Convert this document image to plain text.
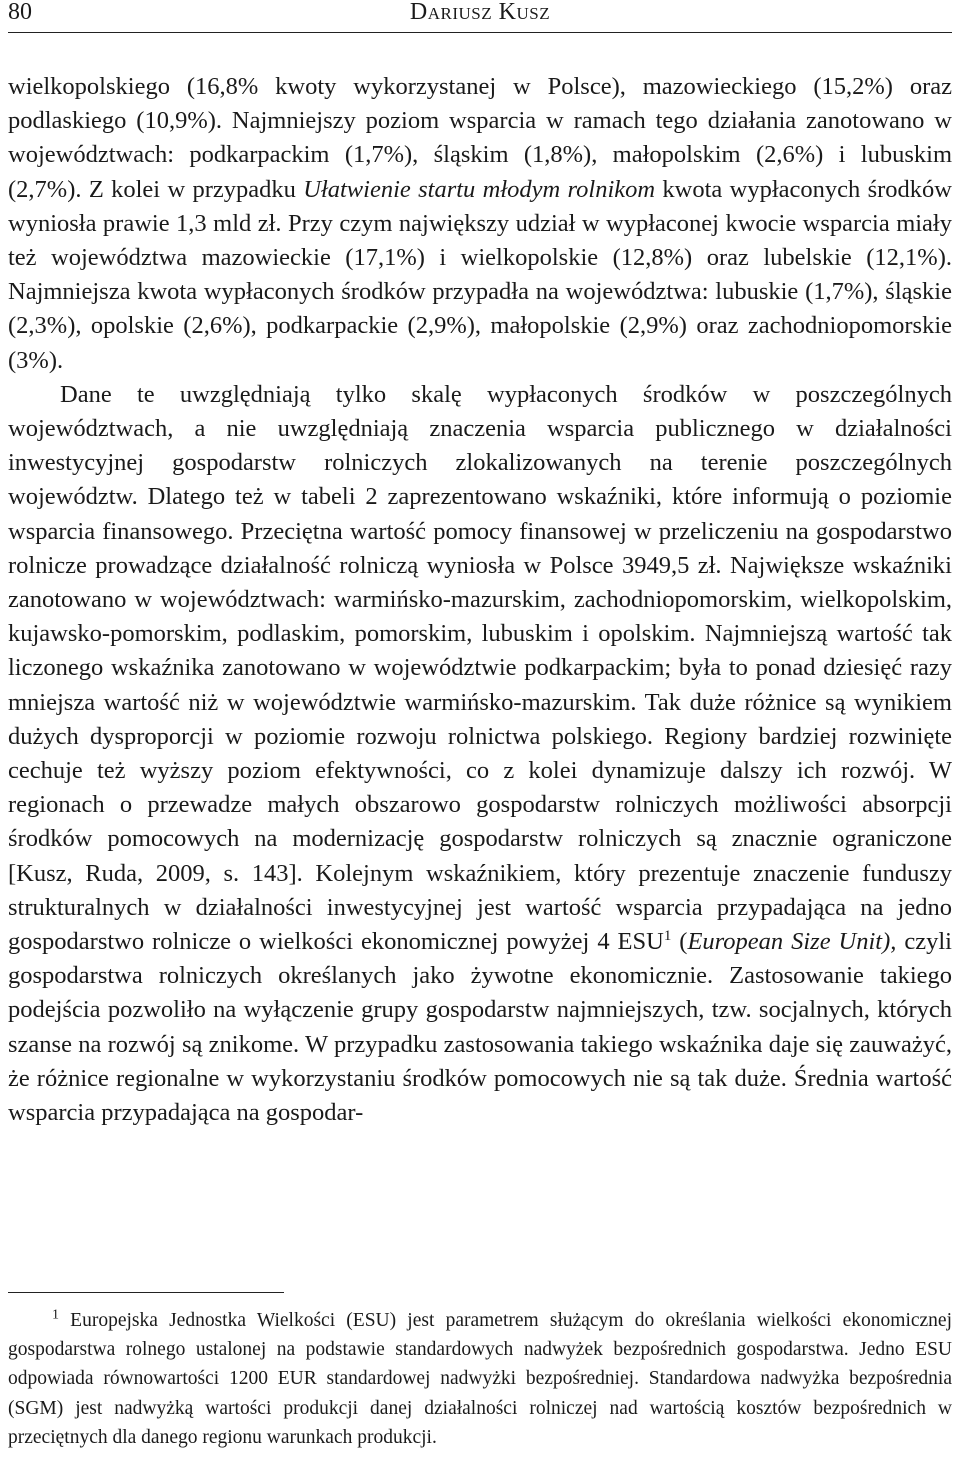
80	Dariusz Kusz

wielkopolskiego (16,8% kwoty wykorzystanej w Polsce), mazowieckiego (15,2%) oraz podlaskiego (10,9%). Najmniejszy poziom wsparcia w ramach tego działania zanotowano w województwach: podkarpackim (1,7%), śląskim (1,8%), małopolskim (2,6%) i lubuskim (2,7%). Z kolei w przypadku Ułatwienie startu młodym rolnikom kwota wypłaconych środków wyniosła prawie 1,3 mld zł. Przy czym największy udział w wypłaconej kwocie wsparcia miały też województwa mazowieckie (17,1%) i wielkopolskie (12,8%) oraz lubelskie (12,1%). Najmniejsza kwota wypłaconych środków przypadła na województwa: lubuskie (1,7%), śląskie (2,3%), opolskie (2,6%), podkarpackie (2,9%), małopolskie (2,9%) oraz zachodniopomorskie (3%).

Dane te uwzględniają tylko skalę wypłaconych środków w poszczególnych województwach, a nie uwzględniają znaczenia wsparcia publicznego w działalności inwestycyjnej gospodarstw rolniczych zlokalizowanych na terenie poszczególnych województw. Dlatego też w tabeli 2 zaprezentowano wskaźniki, które informują o poziomie wsparcia finansowego. Przeciętna wartość pomocy finansowej w przeliczeniu na gospodarstwo rolnicze prowadzące działalność rolniczą wyniosła w Polsce 3949,5 zł. Największe wskaźniki zanotowano w województwach: warmińsko-mazurskim, zachodniopomorskim, wielkopolskim, kujawsko-pomorskim, podlaskim, pomorskim, lubuskim i opolskim. Najmniejszą wartość tak liczonego wskaźnika zanotowano w województwie podkarpackim; była to ponad dziesięć razy mniejsza wartość niż w województwie warmińsko-mazurskim. Tak duże różnice są wynikiem dużych dysproporcji w poziomie rozwoju rolnictwa polskiego. Regiony bardziej rozwinięte cechuje też wyższy poziom efektywności, co z kolei dynamizuje dalszy ich rozwój. W regionach o przewadze małych obszarowo gospodarstw rolniczych możliwości absorpcji środków pomocowych na modernizację gospodarstw rolniczych są znacznie ograniczone [Kusz, Ruda, 2009, s. 143]. Kolejnym wskaźnikiem, który prezentuje znaczenie funduszy strukturalnych w działalności inwestycyjnej jest wartość wsparcia przypadająca na jedno gospodarstwo rolnicze o wielkości ekonomicznej powyżej 4 ESU$^1$ (European Size Unit), czyli gospodarstwa rolniczych określanych jako żywotne ekonomicznie. Zastosowanie takiego podejścia pozwoliło na wyłączenie grupy gospodarstw najmniejszych, tzw. socjalnych, których szanse na rozwój są znikome. W przypadku zastosowania takiego wskaźnika daje się zauważyć, że różnice regionalne w wykorzystaniu środków pomocowych nie są tak duże. Średnia wartość wsparcia przypadająca na gospodar-

$^1$ Europejska Jednostka Wielkości (ESU) jest parametrem służącym do określania wielkości ekonomicznej gospodarstwa rolnego ustalonej na podstawie standardowych nadwyżek bezpośrednich gospodarstwa. Jedno ESU odpowiada równowartości 1200 EUR standardowej nadwyżki bezpośredniej. Standardowa nadwyżka bezpośrednia (SGM) jest nadwyżką wartości produkcji danej działalności rolniczej nad wartością kosztów bezpośrednich w przeciętnych dla danego regionu warunkach produkcji.
